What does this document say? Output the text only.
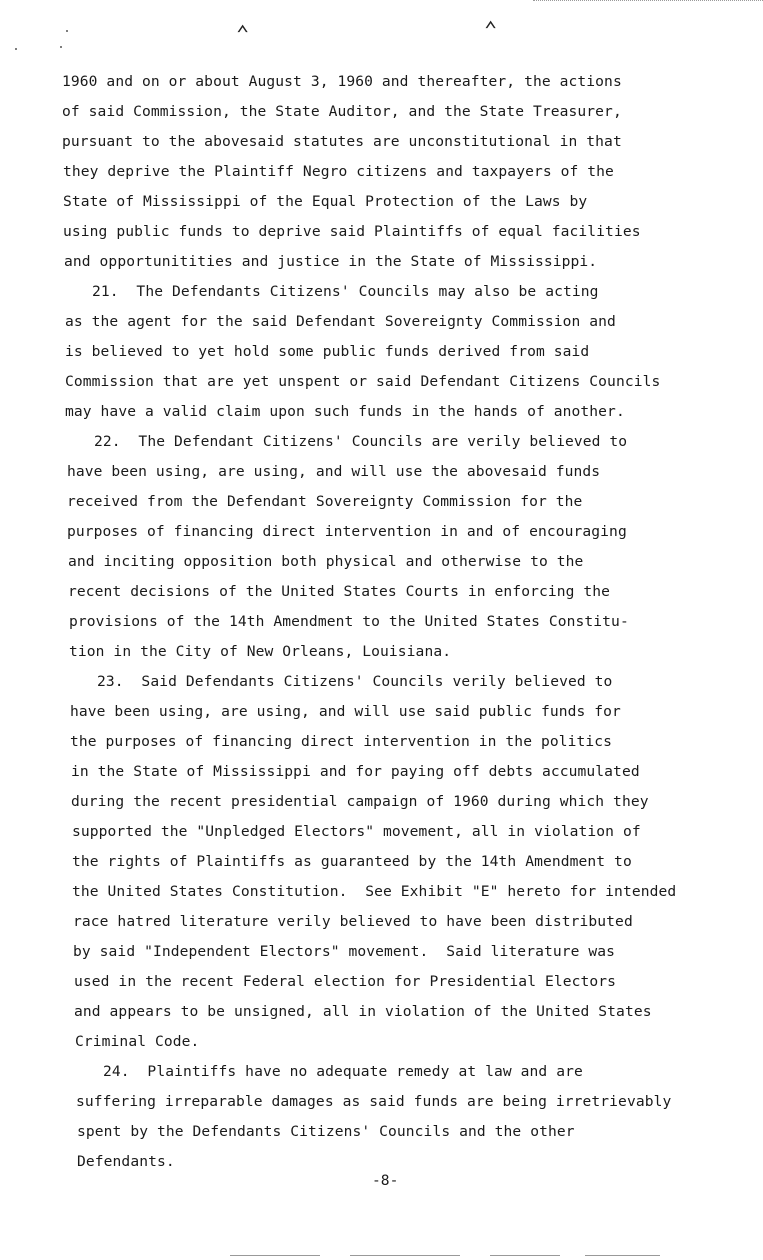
⌃	⌃
1960 and on or about August 3, 1960 and thereafter, the actions
of said Commission, the State Auditor, and the State Treasurer,
pursuant to the abovesaid statutes are unconstitutional in that
they deprive the Plaintiff Negro citizens and taxpayers of the
State of Mississippi of the Equal Protection of the Laws by
using public funds to deprive said Plaintiffs of equal facilities
and opportunitities and justice in the State of Mississippi.
21.  The Defendants Citizens' Councils may also be acting
as the agent for the said Defendant Sovereignty Commission and
is believed to yet hold some public funds derived from said
Commission that are yet unspent or said Defendant Citizens Councils
may have a valid claim upon such funds in the hands of another.
22.  The Defendant Citizens' Councils are verily believed to
have been using, are using, and will use the abovesaid funds
received from the Defendant Sovereignty Commission for the
purposes of financing direct intervention in and of encouraging
and inciting opposition both physical and otherwise to the
recent decisions of the United States Courts in enforcing the
provisions of the 14th Amendment to the United States Constitu-
tion in the City of New Orleans, Louisiana.
23.  Said Defendants Citizens' Councils verily believed to
have been using, are using, and will use said public funds for
the purposes of financing direct intervention in the politics
in the State of Mississippi and for paying off debts accumulated
during the recent presidential campaign of 1960 during which they
supported the "Unpledged Electors" movement, all in violation of
the rights of Plaintiffs as guaranteed by the 14th Amendment to
the United States Constitution.  See Exhibit "E" hereto for intended
race hatred literature verily believed to have been distributed
by said "Independent Electors" movement.  Said literature was
used in the recent Federal election for Presidential Electors
and appears to be unsigned, all in violation of the United States
Criminal Code.
24.  Plaintiffs have no adequate remedy at law and are
suffering irreparable damages as said funds are being irretrievably
spent by the Defendants Citizens' Councils and the other
Defendants.
-8-
